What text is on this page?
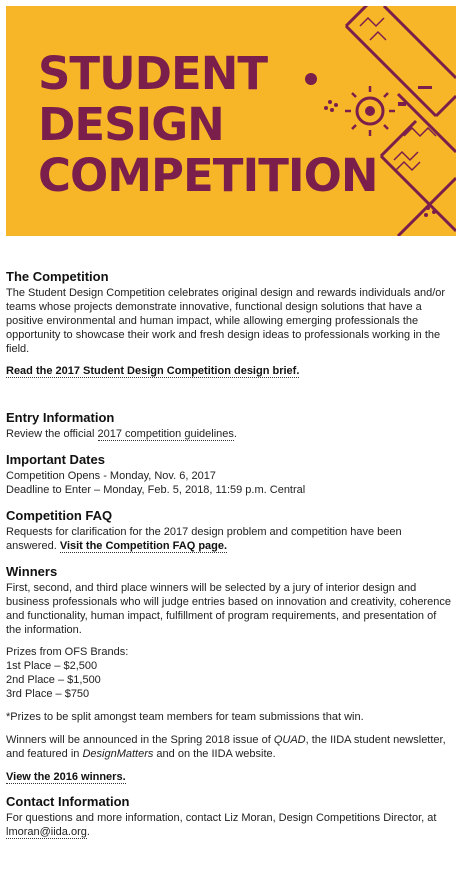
STUDENT
DESIGN
COMPETITION
The Competition

The Student Design Competition celebrates original design and rewards individuals and/or teams whose projects demonstrate innovative, functional design solutions that have a positive environmental and human impact, while allowing emerging professionals the opportunity to showcase their work and fresh design ideas to professionals working in the field.

Read the 2017 Student Design Competition design brief.

Entry Information

Review the official 2017 competition guidelines.

Important Dates

Competition Opens - Monday, Nov. 6, 2017

Deadline to Enter – Monday, Feb. 5, 2018, 11:59 p.m. Central

Competition FAQ

Requests for clarification for the 2017 design problem and competition have been answered. Visit the Competition FAQ page.

Winners

First, second, and third place winners will be selected by a jury of interior design and business professionals who will judge entries based on innovation and creativity, coherence and functionality, human impact, fulfillment of program requirements, and presentation of the information.

Prizes from OFS Brands:

1st Place – $2,500

2nd Place – $1,500

3rd Place – $750

*Prizes to be split amongst team members for team submissions that win.

Winners will be announced in the Spring 2018 issue of QUAD, the IIDA student newsletter, and featured in DesignMatters and on the IIDA website.

View the 2016 winners.

Contact Information

For questions and more information, contact Liz Moran, Design Competitions Director, at lmoran@iida.org.
